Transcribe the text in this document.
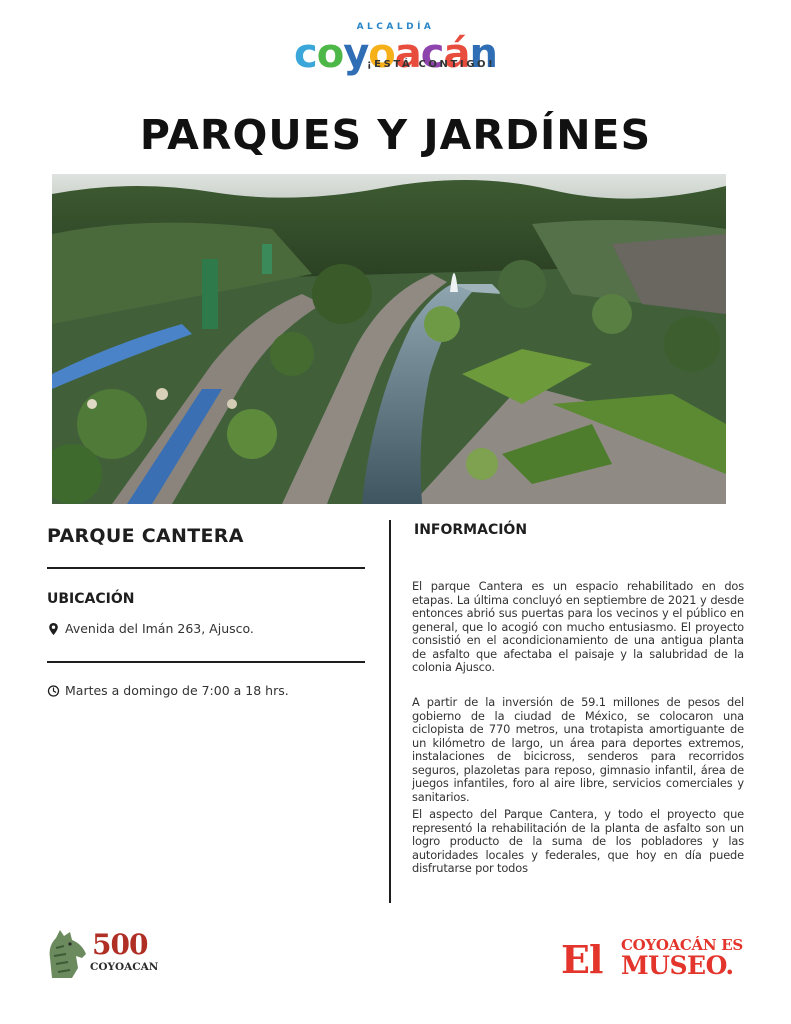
ALCALDÍA
coyoacán
¡ESTÁ CONTIGO!
PARQUES Y JARDÍNES
PARQUE CANTERA
UBICACIÓN
Avenida del Imán 263, Ajusco.
Martes a domingo de 7:00 a 18 hrs.
INFORMACIÓN

El parque Cantera es un espacio rehabilitado en dos etapas. La última concluyó en septiembre de 2021 y desde entonces abrió sus puertas para los vecinos y el público en general, que lo acogió con mucho entusiasmo. El proyecto consistió en el acondicionamiento de una antigua planta de asfalto que afectaba el paisaje y la salubridad de la colonia Ajusco.

A partir de la inversión de 59.1 millones de pesos del gobierno de la ciudad de México, se colocaron una ciclopista de 770 metros, una trotapista amortiguante de un kilómetro de largo, un área para deportes extremos, instalaciones de bicicross, senderos para recorridos seguros, plazoletas para reposo, gimnasio infantil, área de juegos infantiles, foro al aire libre, servicios comerciales y sanitarios.

El aspecto del Parque Cantera, y todo el proyecto que representó la rehabilitación de la planta de asfalto son un logro producto de la suma de los pobladores y las autoridades locales y federales, que hoy en día puede disfrutarse por todos

500
COYOACAN	El COYOACÁN ES
MUSEO.
